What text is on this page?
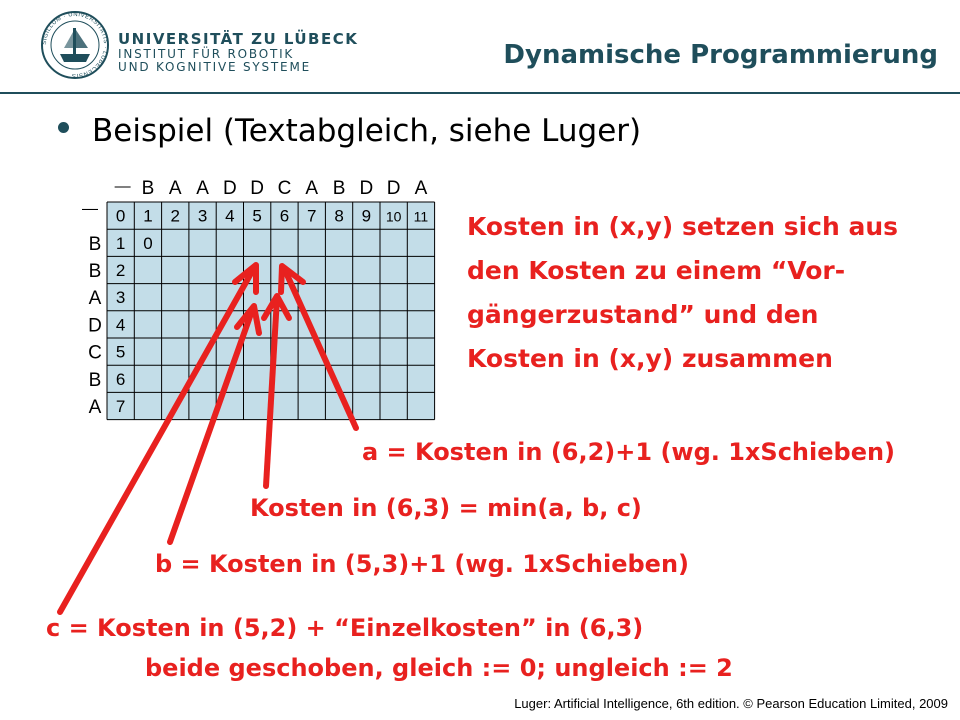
SIGILLUM · UNIVERSITATIS · LUBECENSIS
UNIVERSITÄT ZU LÜBECK
INSTITUT FÜR ROBOTIK
UND KOGNITIVE SYSTEME	Dynamische Programmierung
Beispiel (Textabgleich, siehe Luger)
B A A D D C A B D D A
B
B
A
D
C
B
A
—
— 0 1 2 3 4 5 6 7 8 9 10 11
1
2
3
4
5
6
7
0
Kosten in (x,y) setzen sich aus
den Kosten zu einem “Vor-
gängerzustand” und den
Kosten in (x,y) zusammen
a = Kosten in (6,2)+1 (wg. 1xSchieben)
Kosten in (6,3) = min(a, b, c)
b = Kosten in (5,3)+1 (wg. 1xSchieben)
c = Kosten in (5,2) + “Einzelkosten” in (6,3)
beide geschoben, gleich := 0; ungleich := 2
Luger: Artificial Intelligence, 6th edition. © Pearson Education Limited, 2009
